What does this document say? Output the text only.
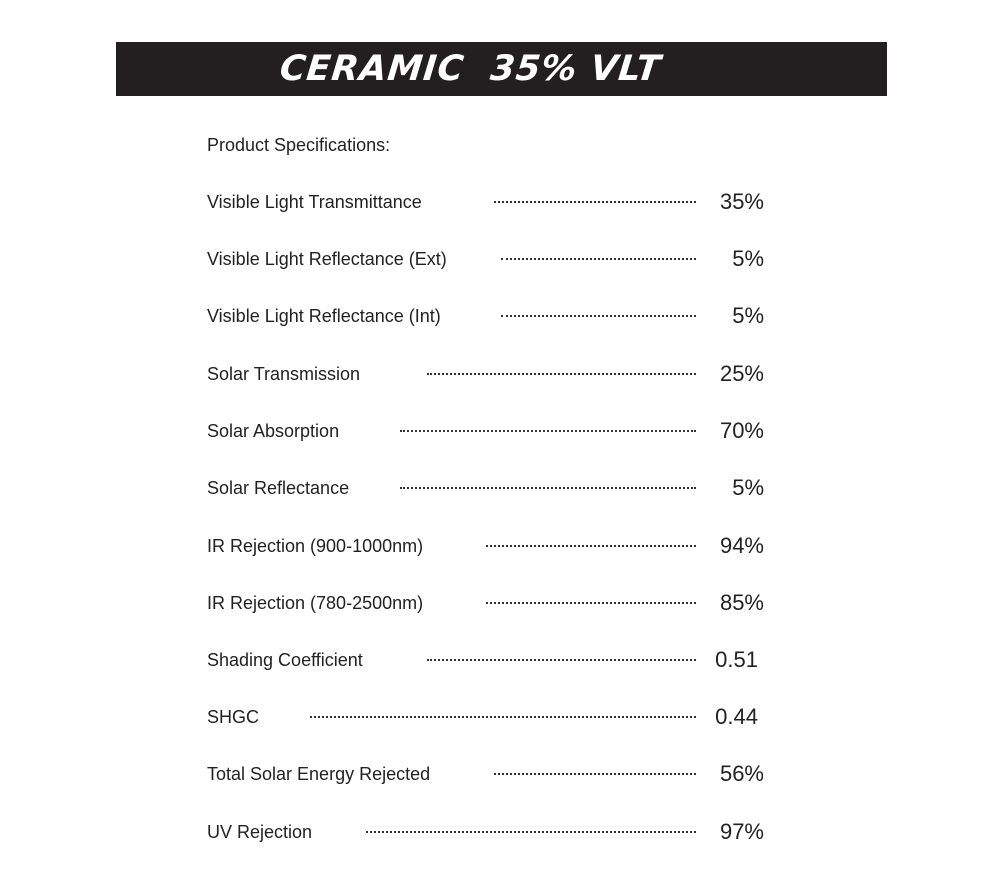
CERAMIC  35% VLT
Product Specifications:
Visible Light Transmittance	35%
Visible Light Reflectance (Ext)	5%
Visible Light Reflectance (Int)	5%
Solar Transmission	25%
Solar Absorption	70%
Solar Reflectance	5%
IR Rejection (900-1000nm)	94%
IR Rejection (780-2500nm)	85%
Shading Coefficient	0.51
SHGC	0.44
Total Solar Energy Rejected	56%
UV Rejection	97%
